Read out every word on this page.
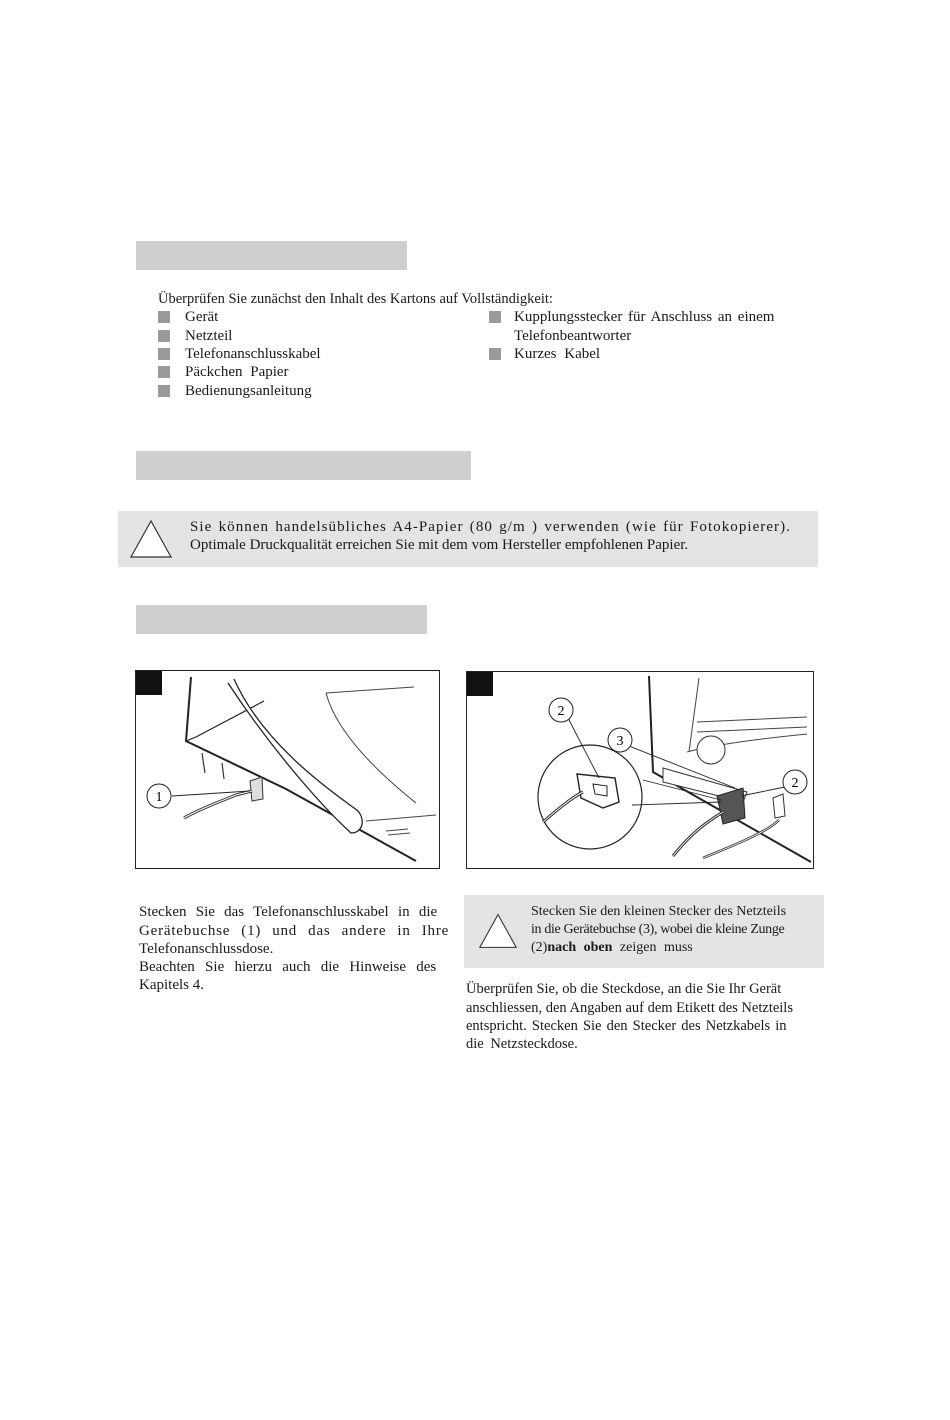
Überprüfen Sie zunächst den Inhalt des Kartons auf Vollständigkeit:
Gerät
Netzteil
Telefonanschlusskabel
Päckchen Papier
Bedienungsanleitung
Kupplungsstecker für Anschluss an einem
Telefonbeantworter
Kurzes Kabel
Sie können handelsübliches A4-Papier (80 g/m ) verwenden (wie für Fotokopierer).
Optimale Druckqualität erreichen Sie mit dem vom Hersteller empfohlenen Papier.
1
2
3
2
Stecken Sie das Telefonanschlusskabel in die
Gerätebuchse (1) und das andere in Ihre
Telefonanschlussdose.
Beachten Sie hierzu auch die Hinweise des
Kapitels 4.
Stecken Sie den kleinen Stecker des Netzteils
in die Gerätebuchse (3), wobei die kleine Zunge
(2)nach oben zeigen muss
Überprüfen Sie, ob die Steckdose, an die Sie Ihr Gerät
anschliessen, den Angaben auf dem Etikett des Netzteils
entspricht. Stecken Sie den Stecker des Netzkabels in
die Netzsteckdose.
